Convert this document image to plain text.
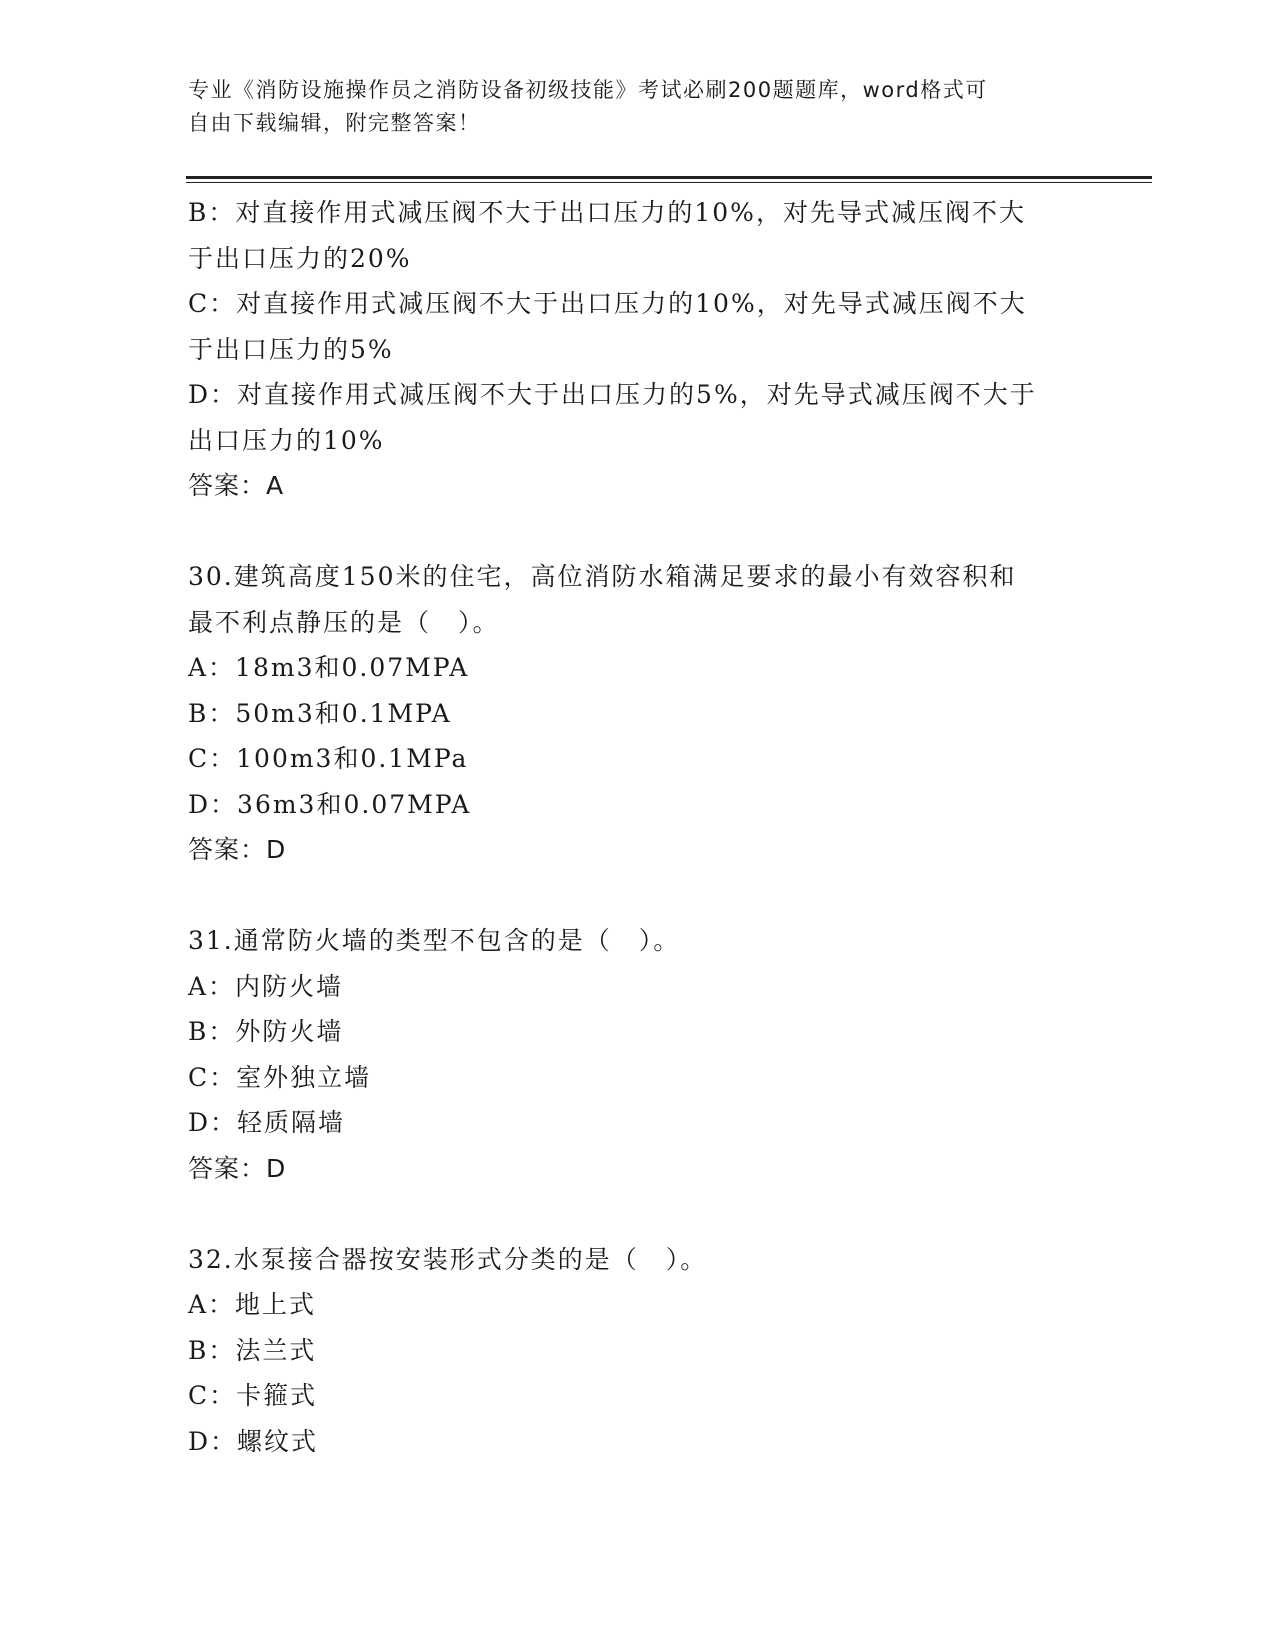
专业《消防设施操作员之消防设备初级技能》考试必刷200题题库，word格式可
自由下载编辑，附完整答案！
B：对直接作用式减压阀不大于出口压力的10%，对先导式减压阀不大
于出口压力的20%
C：对直接作用式减压阀不大于出口压力的10%，对先导式减压阀不大
于出口压力的5%
D：对直接作用式减压阀不大于出口压力的5%，对先导式减压阀不大于
出口压力的10%
答案：A
30.建筑高度150米的住宅，高位消防水箱满足要求的最小有效容积和
最不利点静压的是（　）。
A：18m3和0.07MPA
B：50m3和0.1MPA
C：100m3和0.1MPa
D：36m3和0.07MPA
答案：D
31.通常防火墙的类型不包含的是（　）。
A：内防火墙
B：外防火墙
C：室外独立墙
D：轻质隔墙
答案：D
32.水泵接合器按安装形式分类的是（　）。
A：地上式
B：法兰式
C：卡箍式
D：螺纹式
